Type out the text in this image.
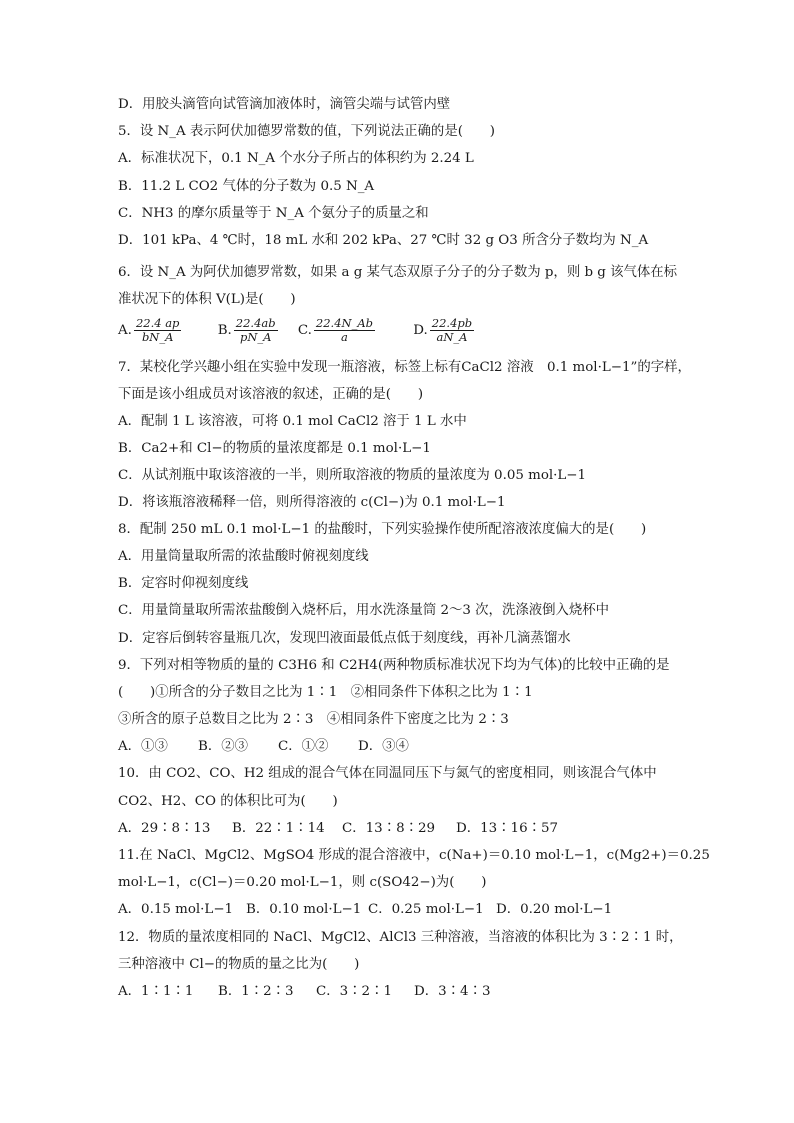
D．用胶头滴管向试管滴加液体时，滴管尖端与试管内壁
5．设 N_A 表示阿伏加德罗常数的值，下列说法正确的是(　　)
A．标准状况下，0.1 N_A 个水分子所占的体积约为 2.24 L
B．11.2 L CO2 气体的分子数为 0.5 N_A
C．NH3 的摩尔质量等于 N_A 个氨分子的质量之和
D．101 kPa、4 ℃时，18 mL 水和 202 kPa、27 ℃时 32 g O3 所含分子数均为 N_A
6．设 N_A 为阿伏加德罗常数，如果 a g 某气态双原子分子的分子数为 p，则 b g 该气体在标准状况下的体积 V(L)是(　　)
A. $\frac{22.4 ap}{bN\_A}$	B. $\frac{22.4ab}{pN\_A} C$. $\frac{22.4N\_Ab}{a}$	D. $\frac{22.4pb}{aN\_A}$
7．某校化学兴趣小组在实验中发现一瓶溶液，标签上标有CaCl2 溶液　0.1 mol·L−1”的字样，
下面是该小组成员对该溶液的叙述，正确的是(　　)
A．配制 1 L 该溶液，可将 0.1 mol CaCl2 溶于 1 L 水中
B．Ca2+和 Cl−的物质的量浓度都是 0.1 mol·L−1
C．从试剂瓶中取该溶液的一半，则所取溶液的物质的量浓度为 0.05 mol·L−1
D．将该瓶溶液稀释一倍，则所得溶液的 c(Cl−)为 0.1 mol·L−1
8．配制 250 mL 0.1 mol·L−1 的盐酸时，下列实验操作使所配溶液浓度偏大的是(　　)
A．用量筒量取所需的浓盐酸时俯视刻度线
B．定容时仰视刻度线
C．用量筒量取所需浓盐酸倒入烧杯后，用水洗涤量筒 2～3 次，洗涤液倒入烧杯中
D．定容后倒转容量瓶几次，发现凹液面最低点低于刻度线，再补几滴蒸馏水
9．下列对相等物质的量的 C3H6 和 C2H4(两种物质标准状况下均为气体)的比较中正确的是
(　　)①所含的分子数目之比为 1∶1　②相同条件下体积之比为 1∶1
③所含的原子总数目之比为 2∶3　④相同条件下密度之比为 2∶3
A．①③ B．②③ C．①② D．③④
10．由 CO2、CO、H2 组成的混合气体在同温同压下与氮气的密度相同，则该混合气体中
CO2、H2、CO 的体积比可为(　　)
A．29∶8∶13 B．22∶1∶14 C．13∶8∶29 D．13∶16∶57
11.在 NaCl、MgCl2、MgSO4 形成的混合溶液中，c(Na+)＝0.10 mol·L−1，c(Mg2+)＝0.25
mol·L−1，c(Cl−)＝0.20 mol·L−1，则 c(SO42−)为(　　)
A．0.15 mol·L−1 B．0.10 mol·L−1 C．0.25 mol·L−1 D．0.20 mol·L−1
12．物质的量浓度相同的 NaCl、MgCl2、AlCl3 三种溶液，当溶液的体积比为 3∶2∶1 时，
三种溶液中 Cl−的物质的量之比为(　　)
A．1∶1∶1 B．1∶2∶3 C．3∶2∶1 D．3∶4∶3
